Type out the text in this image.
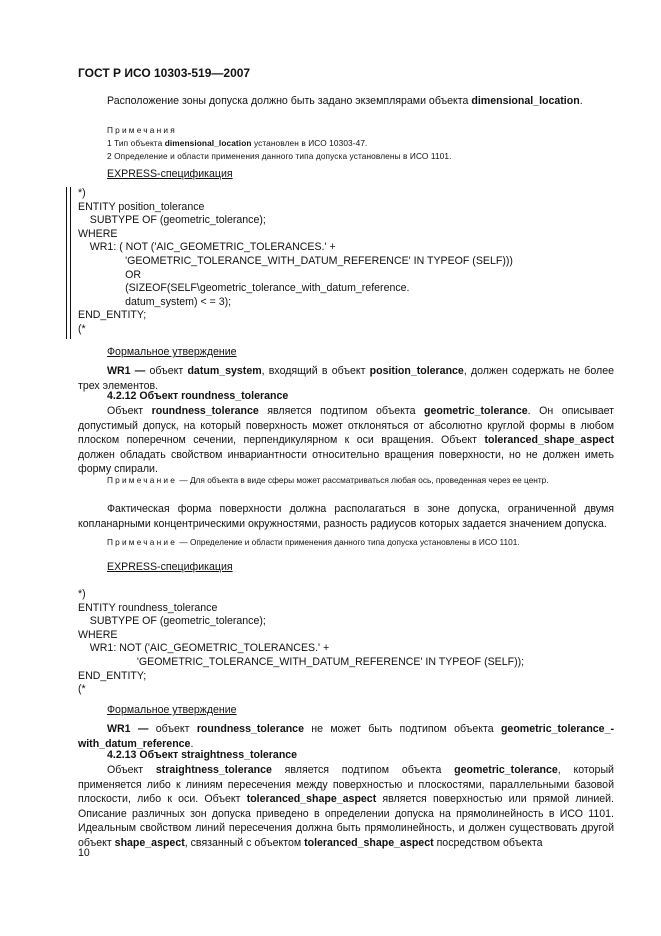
ГОСТ Р ИСО 10303-519—2007
Расположение зоны допуска должно быть задано экземплярами объекта dimensional_location.
Примечания
1 Тип объекта dimensional_location установлен в ИСО 10303-47.
2 Определение и области применения данного типа допуска установлены в ИСО 1101.
EXPRESS-спецификация
*)
ENTITY position_tolerance
SUBTYPE OF (geometric_tolerance);
WHERE
WR1: ( NOT ('AIC_GEOMETRIC_TOLERANCES.' +
'GEOMETRIC_TOLERANCE_WITH_DATUM_REFERENCE' IN TYPEOF (SELF)))
OR
(SIZEOF(SELF\geometric_tolerance_with_datum_reference.
datum_system) < = 3);
END_ENTITY;
(*
Формальное утверждение
WR1 — объект datum_system, входящий в объект position_tolerance, должен содержать не более трех элементов.
4.2.12 Объект roundness_tolerance
Объект roundness_tolerance является подтипом объекта geometric_tolerance. Он описывает допустимый допуск, на который поверхность может отклоняться от абсолютно круглой формы в любом плоском поперечном сечении, перпендикулярном к оси вращения. Объект toleranced_shape_aspect должен обладать свойством инвариантности относительно вращения поверхности, но не должен иметь форму спирали.
Примечание — Для объекта в виде сферы может рассматриваться любая ось, проведенная через ее центр.
Фактическая форма поверхности должна располагаться в зоне допуска, ограниченной двумя копланарными концентрическими окружностями, разность радиусов которых задается значением допуска.
Примечание — Определение и области применения данного типа допуска установлены в ИСО 1101.
EXPRESS-спецификация
*)
ENTITY roundness_tolerance
SUBTYPE OF (geometric_tolerance);
WHERE
WR1: NOT ('AIC_GEOMETRIC_TOLERANCES.' +
'GEOMETRIC_TOLERANCE_WITH_DATUM_REFERENCE' IN TYPEOF (SELF));
END_ENTITY;
(*
Формальное утверждение
WR1 — объект roundness_tolerance не может быть подтипом объекта geometric_tolerance_-with_datum_reference.
4.2.13 Объект straightness_tolerance
Объект straightness_tolerance является подтипом объекта geometric_tolerance, который применяется либо к линиям пересечения между поверхностью и плоскостями, параллельными базовой плоскости, либо к оси. Объект toleranced_shape_aspect является поверхностью или прямой линией. Описание различных зон допуска приведено в определении допуска на прямолинейность в ИСО 1101. Идеальным свойством линий пересечения должна быть прямолинейность, и должен существовать другой объект shape_aspect, связанный с объектом toleranced_shape_aspect посредством объекта
10
